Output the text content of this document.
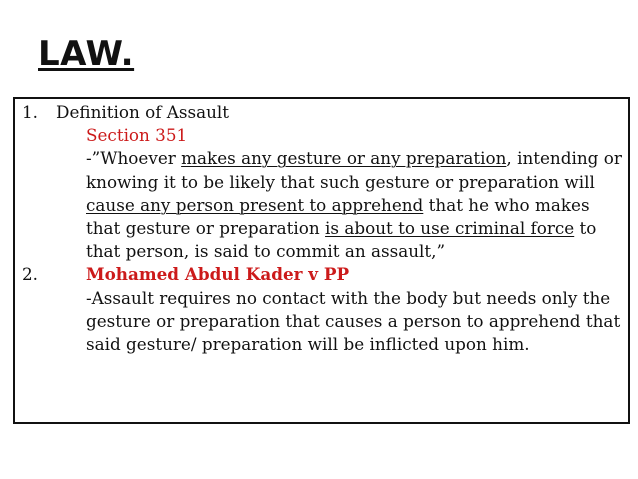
LAW.
1.	Definition of Assault
Section 351
-”Whoever makes any gesture or any preparation, intending or knowing it to be likely that such gesture or preparation will cause any person present to apprehend that he who makes that gesture or preparation is about to use criminal force to that person, is said to commit an assault,”
2.	Mohamed Abdul Kader v PP
-Assault requires no contact with the body but needs only the gesture or preparation that causes a person to apprehend that said gesture/ preparation will be inflicted upon him.
